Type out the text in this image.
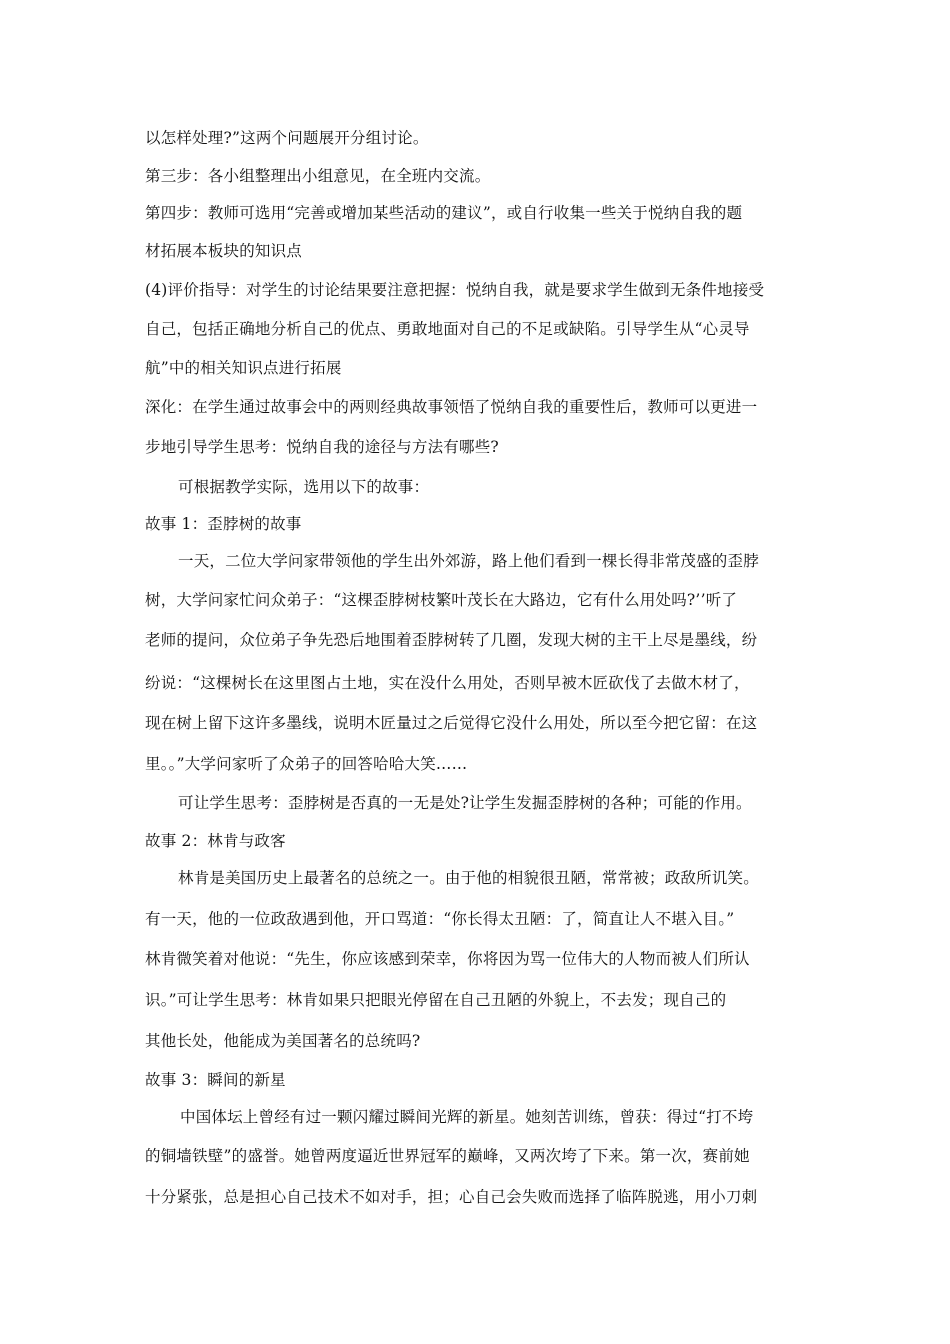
以怎样处理?”这两个问题展开分组讨论。
第三步：各小组整理出小组意见，在全班内交流。
第四步：教师可选用“完善或增加某些活动的建议”，或自行收集一些关于悦纳自我的题
材拓展本板块的知识点
(4)评价指导：对学生的讨论结果要注意把握：悦纳自我，就是要求学生做到无条件地接受
自己，包括正确地分析自己的优点、勇敢地面对自己的不足或缺陷。引导学生从“心灵导
航”中的相关知识点进行拓展
深化：在学生通过故事会中的两则经典故事领悟了悦纳自我的重要性后，教师可以更进一
步地引导学生思考：悦纳自我的途径与方法有哪些?
可根据教学实际，选用以下的故事：
故事 1：歪脖树的故事
一天，二位大学问家带领他的学生出外郊游，路上他们看到一棵长得非常茂盛的歪脖
树，大学问家忙问众弟子：“这棵歪脖树枝繁叶茂长在大路边，它有什么用处吗?’’听了
老师的提问，众位弟子争先恐后地围着歪脖树转了几圈，发现大树的主干上尽是墨线，纷
纷说：“这棵树长在这里图占土地，实在没什么用处，否则早被木匠砍伐了去做木材了，
现在树上留下这许多墨线，说明木匠量过之后觉得它没什么用处，所以至今把它留：在这
里。。”大学问家听了众弟子的回答哈哈大笑……
可让学生思考：歪脖树是否真的一无是处?让学生发掘歪脖树的各种；可能的作用。
故事 2：林肯与政客
林肯是美国历史上最著名的总统之一。由于他的相貌很丑陋，常常被；政敌所讥笑。
有一天，他的一位政敌遇到他，开口骂道：“你长得太丑陋：了，简直让人不堪入目。”
林肯微笑着对他说：“先生，你应该感到荣幸，你将因为骂一位伟大的人物而被人们所认
识。”可让学生思考：林肯如果只把眼光停留在自己丑陋的外貌上，不去发；现自己的
其他长处，他能成为美国著名的总统吗?
故事 3：瞬间的新星
中国体坛上曾经有过一颗闪耀过瞬间光辉的新星。她刻苦训练，曾获：得过“打不垮
的铜墙铁壁”的盛誉。她曾两度逼近世界冠军的巅峰，又两次垮了下来。第一次，赛前她
十分紧张，总是担心自己技术不如对手，担；心自己会失败而选择了临阵脱逃，用小刀刺
